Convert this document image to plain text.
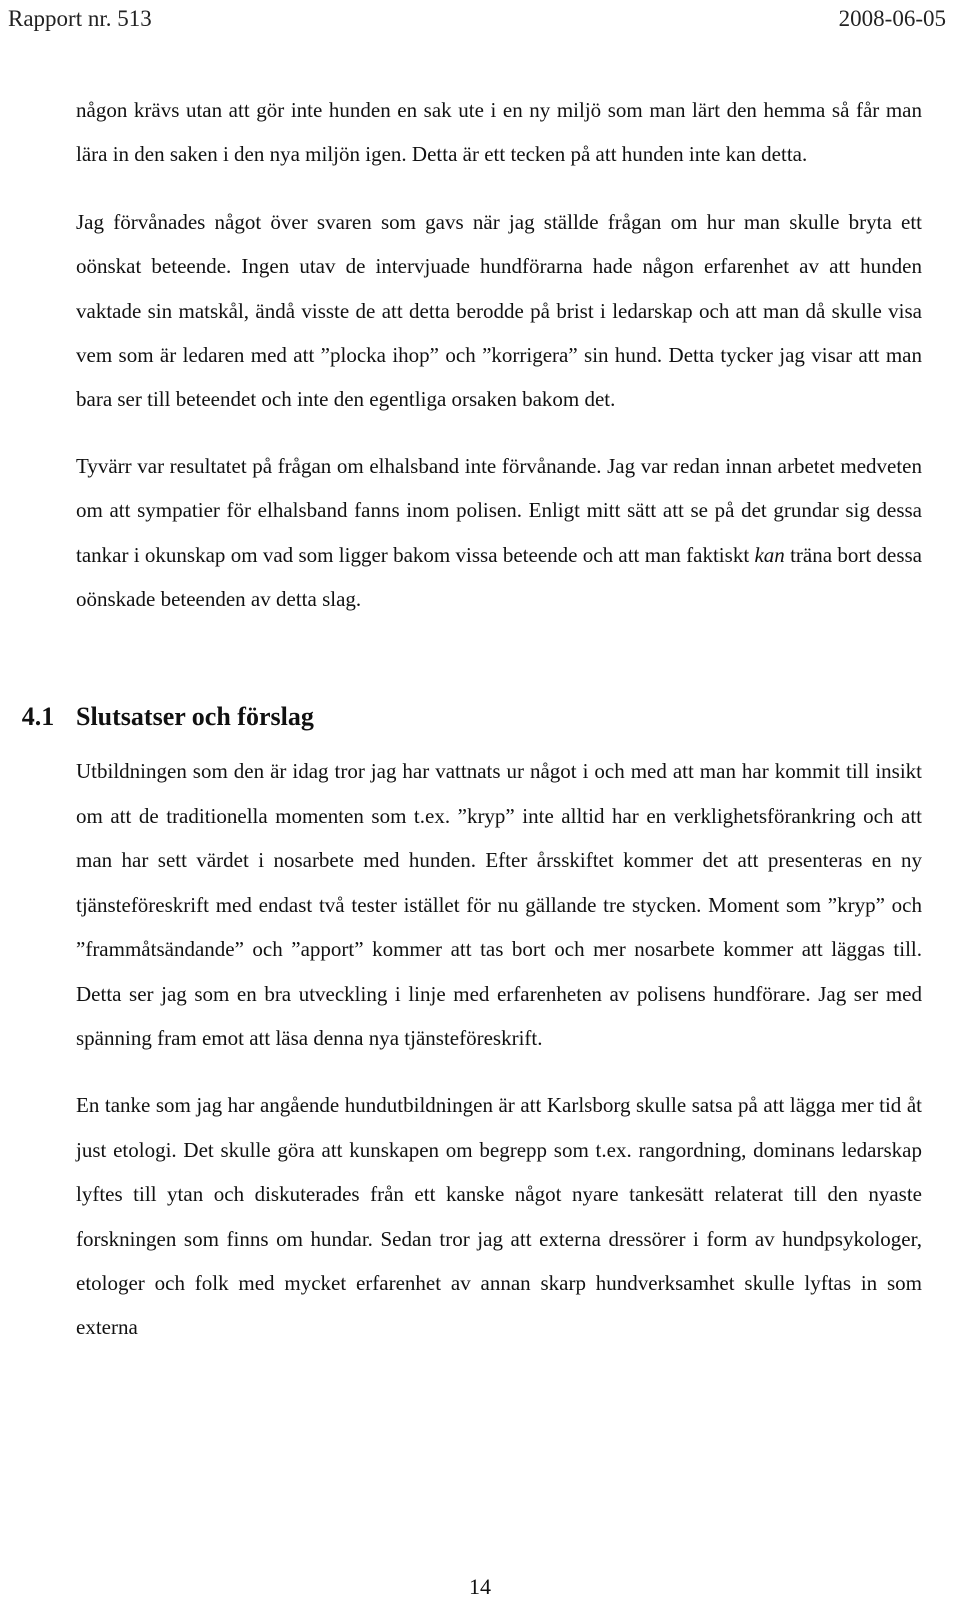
Rapport nr. 513	2008-06-05

någon krävs utan att gör inte hunden en sak ute i en ny miljö som man lärt den hemma så får man lära in den saken i den nya miljön igen. Detta är ett tecken på att hunden inte kan detta.

Jag förvånades något över svaren som gavs när jag ställde frågan om hur man skulle bryta ett oönskat beteende. Ingen utav de intervjuade hundförarna hade någon erfarenhet av att hunden vaktade sin matskål, ändå visste de att detta berodde på brist i ledarskap och att man då skulle visa vem som är ledaren med att ”plocka ihop” och ”korrigera” sin hund. Detta tycker jag visar att man bara ser till beteendet och inte den egentliga orsaken bakom det.

Tyvärr var resultatet på frågan om elhalsband inte förvånande. Jag var redan innan arbetet medveten om att sympatier för elhalsband fanns inom polisen. Enligt mitt sätt att se på det grundar sig dessa tankar i okunskap om vad som ligger bakom vissa beteende och att man faktiskt kan träna bort dessa oönskade beteenden av detta slag.

4.1 Slutsatser och förslag

Utbildningen som den är idag tror jag har vattnats ur något i och med att man har kommit till insikt om att de traditionella momenten som t.ex. ”kryp” inte alltid har en verklighetsförankring och att man har sett värdet i nosarbete med hunden. Efter årsskiftet kommer det att presenteras en ny tjänsteföreskrift med endast två tester istället för nu gällande tre stycken. Moment som ”kryp” och ”frammåtsändande” och ”apport” kommer att tas bort och mer nosarbete kommer att läggas till. Detta ser jag som en bra utveckling i linje med erfarenheten av polisens hundförare. Jag ser med spänning fram emot att läsa denna nya tjänsteföreskrift.

En tanke som jag har angående hundutbildningen är att Karlsborg skulle satsa på att lägga mer tid åt just etologi. Det skulle göra att kunskapen om begrepp som t.ex. rangordning, dominans ledarskap lyftes till ytan och diskuterades från ett kanske något nyare tankesätt relaterat till den nyaste forskningen som finns om hundar. Sedan tror jag att externa dressörer i form av hundpsykologer, etologer och folk med mycket erfarenhet av annan skarp hundverksamhet skulle lyftas in som externa

14
